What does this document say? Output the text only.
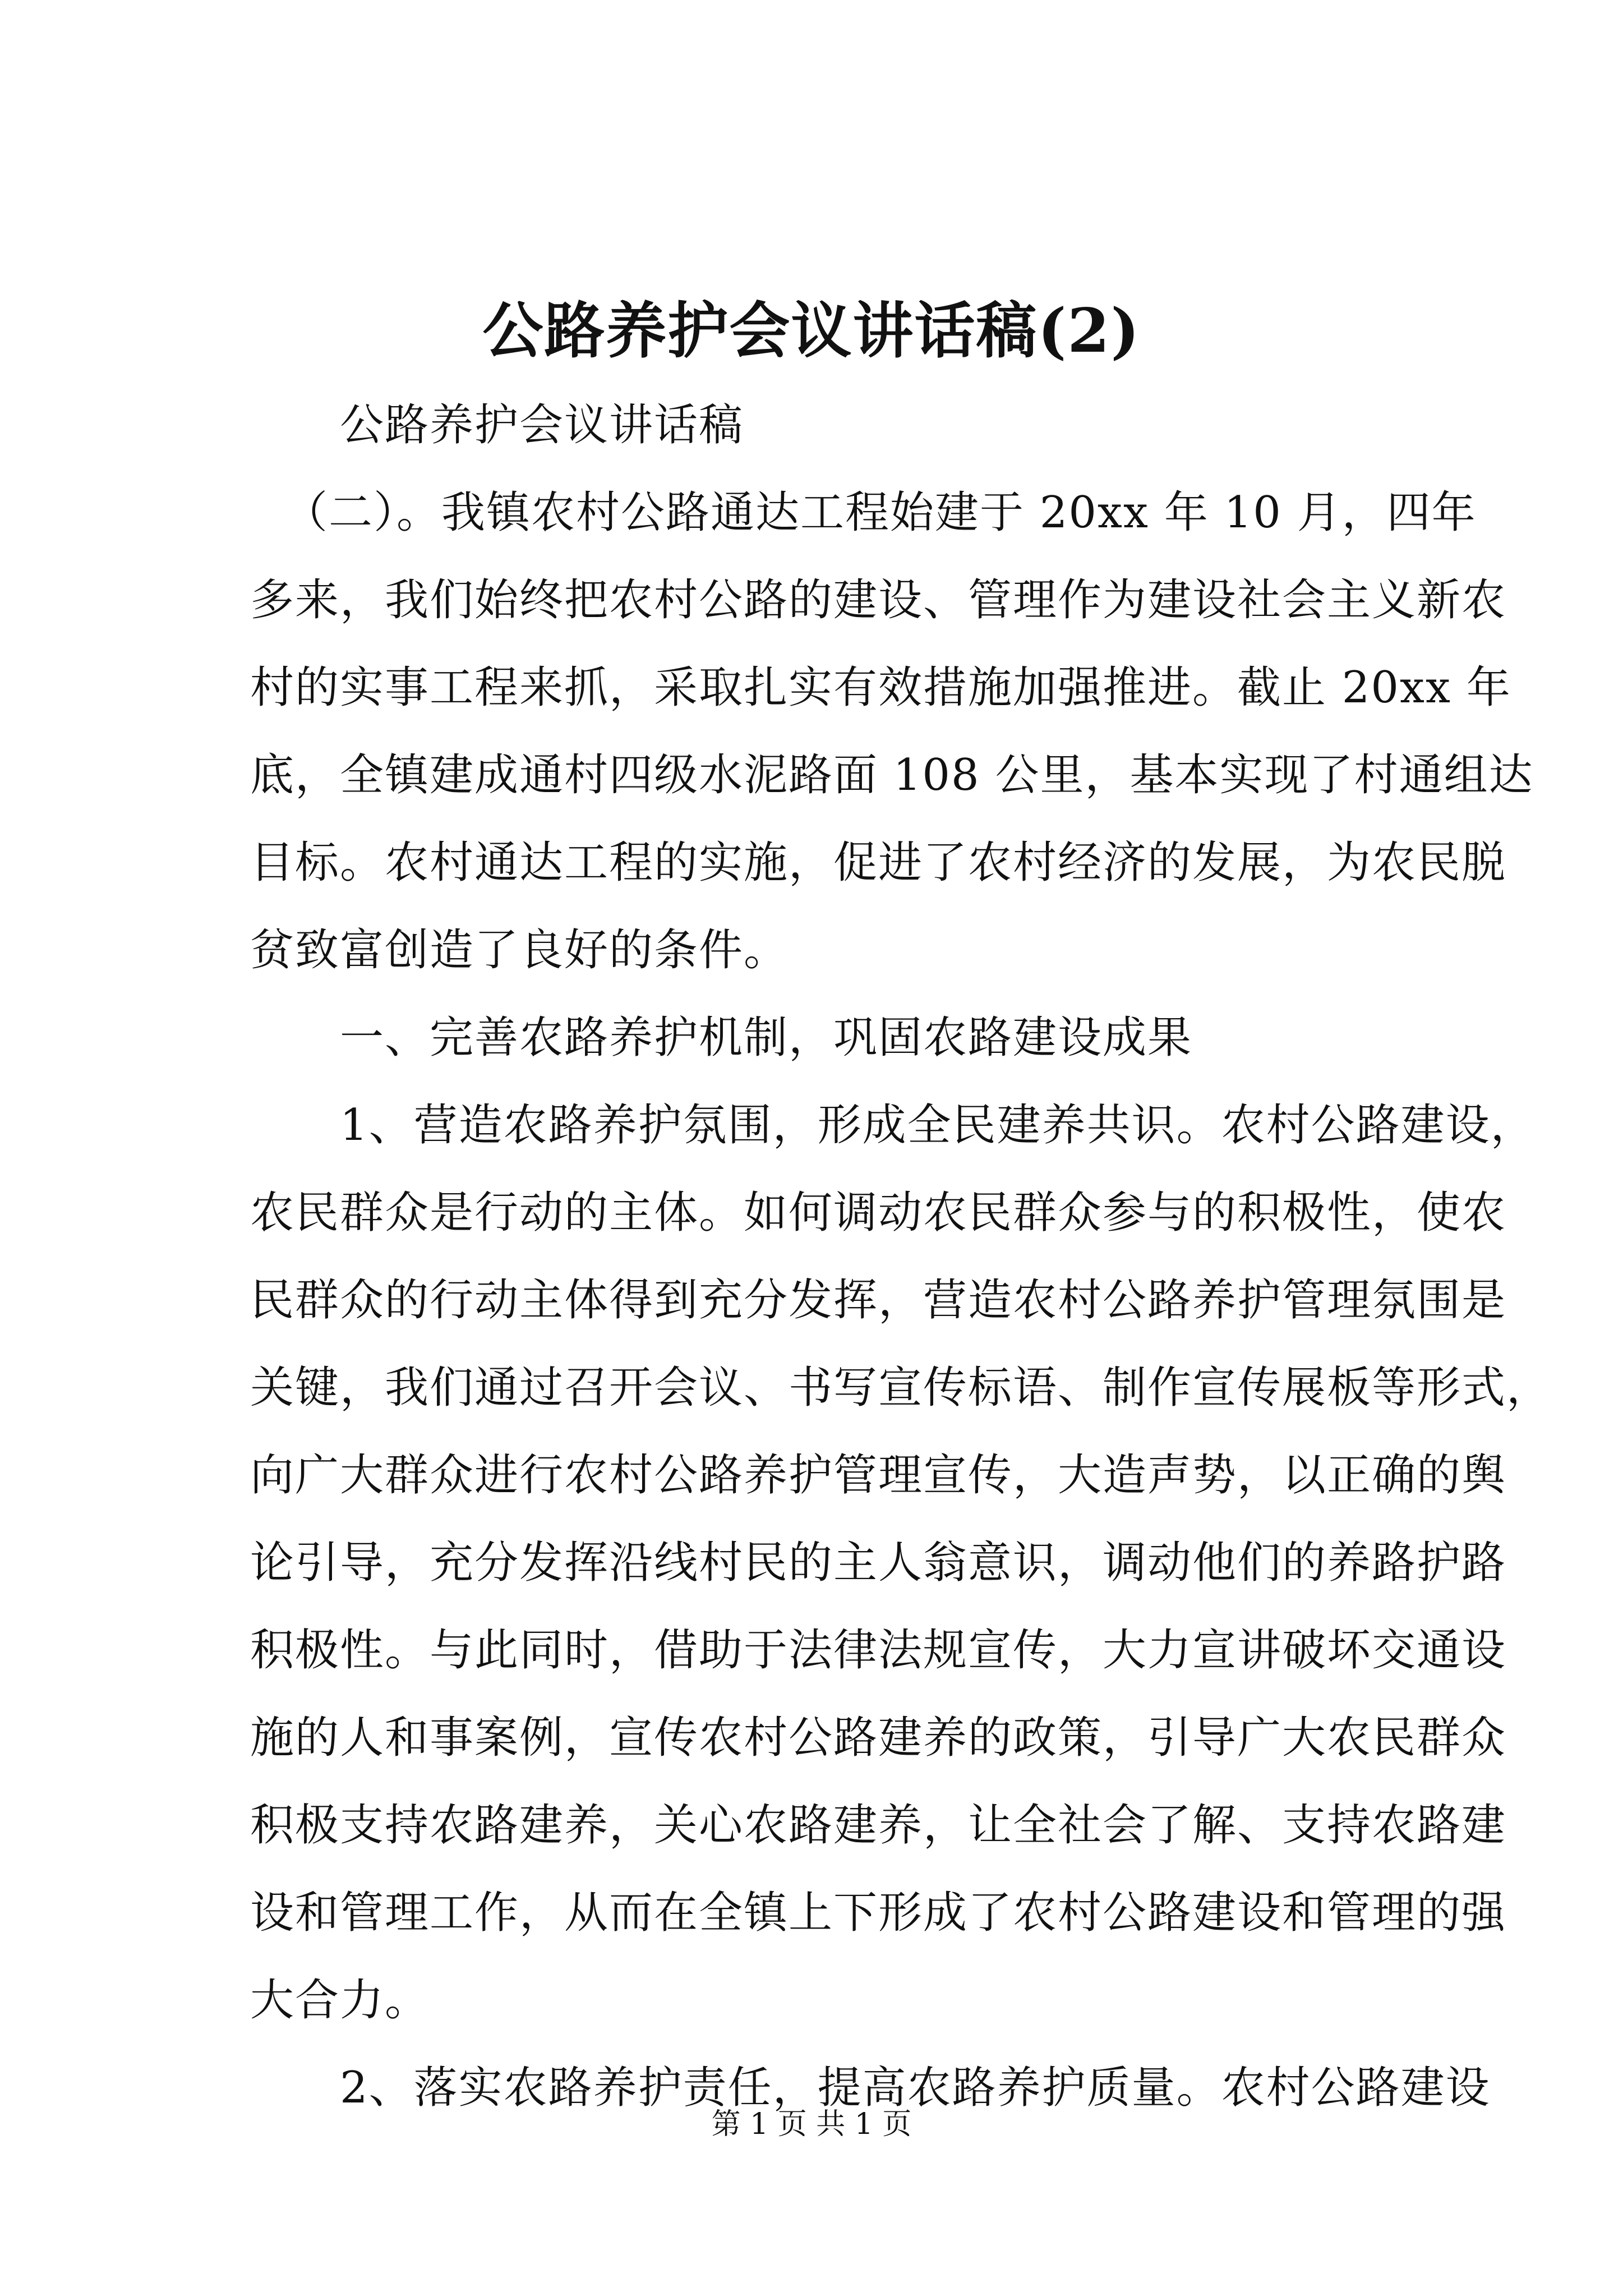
公路养护会议讲话稿(2)

公路养护会议讲话稿

（二）。我镇农村公路通达工程始建于 20xx 年 10 月，四年
多来，我们始终把农村公路的建设、管理作为建设社会主义新农
村的实事工程来抓，采取扎实有效措施加强推进。截止 20xx 年
底，全镇建成通村四级水泥路面 108 公里，基本实现了村通组达
目标。农村通达工程的实施，促进了农村经济的发展，为农民脱
贫致富创造了良好的条件。

一、完善农路养护机制，巩固农路建设成果

1、营造农路养护氛围，形成全民建养共识。农村公路建设，
农民群众是行动的主体。如何调动农民群众参与的积极性，使农
民群众的行动主体得到充分发挥，营造农村公路养护管理氛围是
关键，我们通过召开会议、书写宣传标语、制作宣传展板等形式，
向广大群众进行农村公路养护管理宣传，大造声势，以正确的舆
论引导，充分发挥沿线村民的主人翁意识，调动他们的养路护路
积极性。与此同时，借助于法律法规宣传，大力宣讲破坏交通设
施的人和事案例，宣传农村公路建养的政策，引导广大农民群众
积极支持农路建养，关心农路建养，让全社会了解、支持农路建
设和管理工作，从而在全镇上下形成了农村公路建设和管理的强
大合力。

2、落实农路养护责任，提高农路养护质量。农村公路建设

第 1 页 共 1 页
